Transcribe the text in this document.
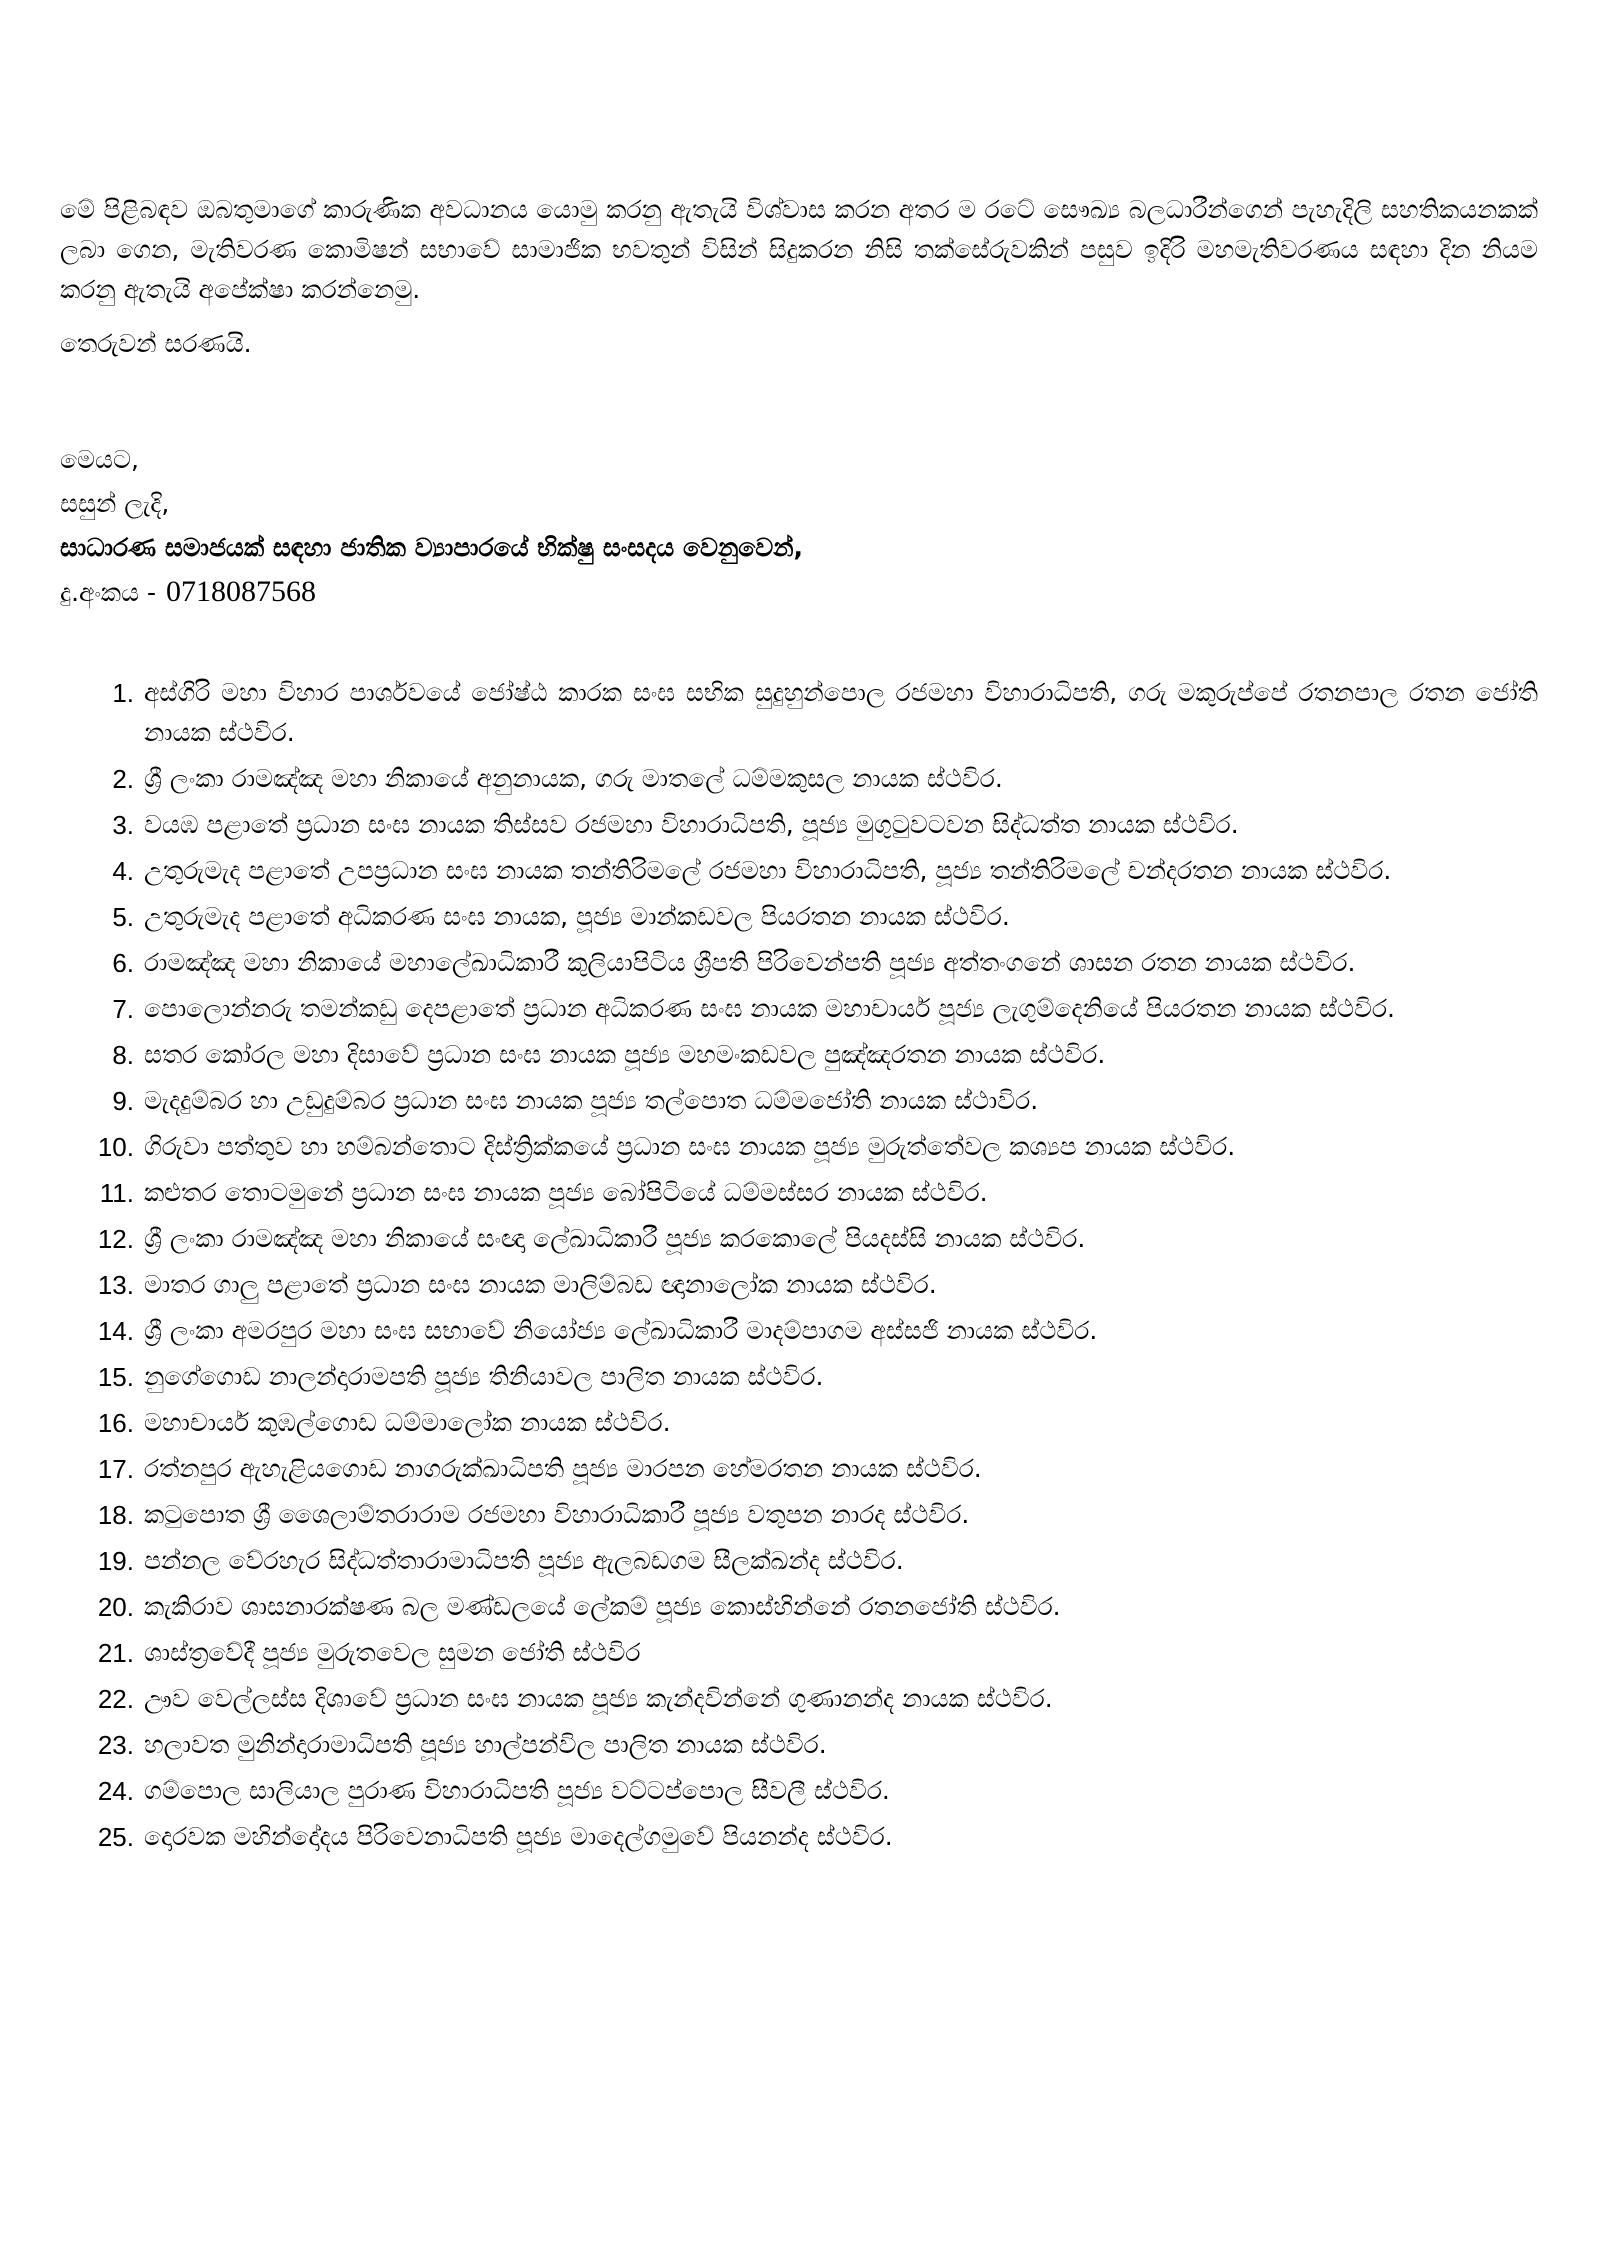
මේ පිළිබඳව ඔබතුමාගේ කාරුණික අවධානය යොමු කරනු ඇතැයි විශ්වාස කරන අතර ම රටේ සෞඛ්‍ය බලධාරීන්ගෙන් පැහැදිලි සහතිකයනකක් ලබා ගෙන, මැතිවරණ කොමිෂන් සභාවේ සාමාජික භවතුන් විසින් සිදුකරන නිසි තක්සේරුවකින් පසුව ඉදිරි මහමැතිවරණය සඳහා දින නියම කරනු ඇතැයි අපේක්ෂා කරන්නෙමු.

තෙරුවන් සරණයි.

මෙයට,

සසුන් ලැදි,

සාධාරණ සමාජයක් සඳහා ජාතික ව්‍යාපාරයේ භික්ෂු සංසදය වෙනුවෙන්,

දු.අංකය - 0718087568

1. අස්ගිරි මහා විහාර පාර්ශවයේ ජෝෂ්ඨ කාරක සංඝ සභික සුදුහුන්පොල රජමහා විහාරාධිපති, ගරු මකුරුප්පේ රතනපාල රතන ජෝති නායක ස්ථවිර.
2. ශ්‍රී ලංකා රාමඤ්ඤ මහා නිකායේ අනුනායක, ගරු මාතලේ ධම්මකුසල නායක ස්ථවිර.
3. වයඹ පළාතේ ප්‍රධාන සංඝ නායක තිස්සව රජමහා විහාරාධිපති, පූජ්‍ය මුගුටුවටවන සිද්ධත්ත නායක ස්ථවිර.
4. උතුරුමැද පළාතේ උපප්‍රධාන සංඝ නායක තන්තිරිමලේ රජමහා විහාරාධිපති, පූජ්‍ය තන්තිරිමලේ චන්දරතන නායක ස්ථවිර.
5. උතුරුමැද පළාතේ අධිකරණ සංඝ නායක, පූජ්‍ය මාන්කඩවල පියරතන නායක ස්ථවිර.
6. රාමඤ්ඤ මහා නිකායේ මහාලේඛාධිකාරී කුලියාපිටිය ශ්‍රීපති පිරිවෙන්පති පූජ්‍ය අත්තංගනේ ශාසන රතන නායක ස්ථවිර.
7. පොලොන්නරු තමන්කඩු දෙපළාතේ ප්‍රධාන අධිකරණ සංඝ නායක මහාචාර්ය පූජ්‍ය ලැගුම්දෙනියේ පියරතන නායක ස්ථවිර.
8. සතර කෝරල මහා දිසාවේ ප්‍රධාන සංඝ නායක පූජ්‍ය මහමංකඩවල පුඤ්ඤරතන නායක ස්ථවිර.
9. මැදදුම්බර හා උඩුදුම්බර ප්‍රධාන සංඝ නායක පූජ්‍ය තල්පොත ධම්මජෝති නායක ස්ථාවිර.
10. ගිරුවා පත්තුව හා හම්බන්තොට දිස්ත්‍රික්කයේ ප්‍රධාන සංඝ නායක පූජ්‍ය මුරුත්තේවල කශ්‍යප නායක ස්ථවිර.
11. කළුතර තොටමුනේ ප්‍රධාන සංඝ නායක පූජ්‍ය බෝපිටියේ ධම්මස්සර නායක ස්ථවිර.
12. ශ්‍රී ලංකා රාමඤ්ඤ මහා නිකායේ සංඥා ලේඛාධිකාරී පූජ්‍ය කරකොලේ පියදස්සි නායක ස්ථවිර.
13. මාතර ගාලු පළාතේ ප්‍රධාන සංඝ නායක මාලිම්බඩ ඥානාලෝක නායක ස්ථවිර.
14. ශ්‍රී ලංකා අමරපුර මහා සංඝ සභාවේ නියෝජ්‍ය ලේඛාධිකාරී මාදම්පාගම අස්සජි නායක ස්ථවිර.
15. නුගේගොඩ නාලන්දාරාමපති පූජ්‍ය තිනියාවල පාලිත නායක ස්ථවිර.
16. මහාචාර්ය කුඹල්ගොඩ ධම්මාලෝක නායක ස්ථවිර.
17. රත්නපුර ඇහැළියගොඩ නාගරුක්ඛාධිපති පූජ්‍ය මාරපන හේමරතන නායක ස්ථවිර.
18. කටුපොත ශ්‍රී ශෛලාම්තරාරාම රජමහා විහාරාධිකාරී පූජ්‍ය වතුපන නාරද ස්ථවිර.
19. පන්නල වේරහැර සිද්ධත්තාරාමාධිපති පූජ්‍ය ඇලබඩගම සීලක්ඛන්ද ස්ථවිර.
20. කැකිරාව ශාසනාරක්ෂණ බල මණ්ඩලයේ ලේකම් පූජ්‍ය කොස්හින්නේ රතනජෝති ස්ථවිර.
21. ශාස්ත්‍රවේදී පූජ්‍ය මුරුතවෙල සුමන ජෝති ස්ථවිර
22. ඌව වෙල්ලස්ස දිශාවේ ප්‍රධාන සංඝ නායක පූජ්‍ය කැන්දවින්නේ ගුණානන්ද නායක ස්ථවිර.
23. හලාවත මුනින්දාරාමාධිපති පූජ්‍ය හාල්පන්විල පාලිත නායක ස්ථවිර.
24. ගම්පොල සාලියාල පුරාණ විහාරාධිපති පූජ්‍ය වට්ටප්පොල සීවලී ස්ථවිර.
25. දොරවක මහින්දෝදය පිරිවෙනාධිපති පූජ්‍ය මාදෙල්ගමුවේ පියනන්ද ස්ථවිර.
